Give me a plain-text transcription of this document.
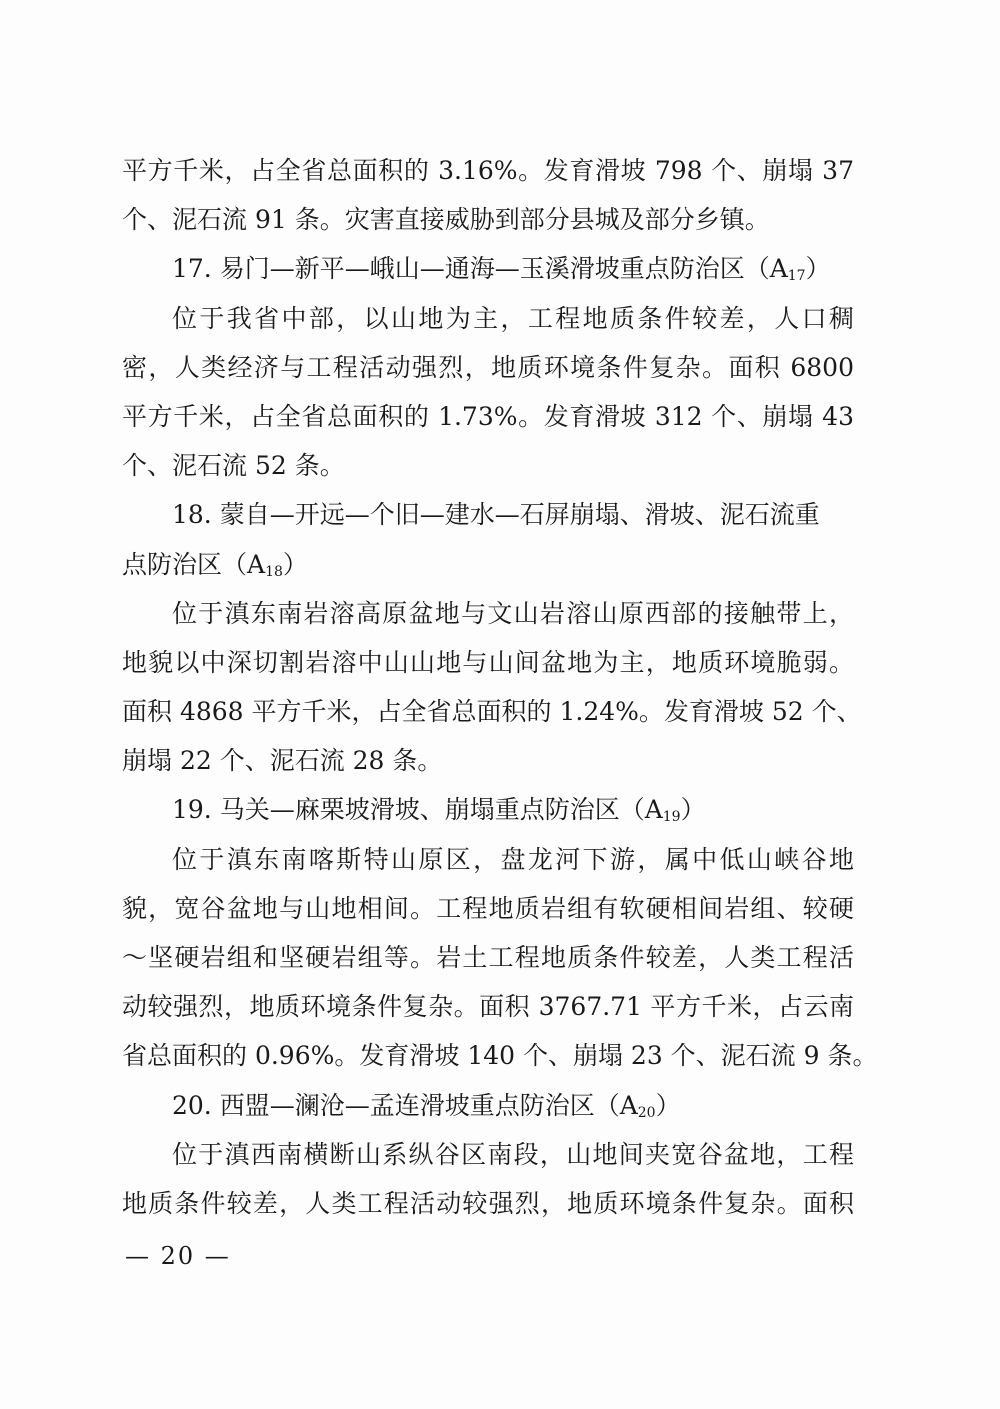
平方千米，占全省总面积的 3.16%。发育滑坡 798 个、崩塌 37
个、泥石流 91 条。灾害直接威胁到部分县城及部分乡镇。
17. 易门—新平—峨山—通海—玉溪滑坡重点防治区$(A_{17})$
位于我省中部，以山地为主，工程地质条件较差，人口稠
密，人类经济与工程活动强烈，地质环境条件复杂。面积 6800
平方千米，占全省总面积的 1.73%。发育滑坡 312 个、崩塌 43
个、泥石流 52 条。
18. 蒙自—开远—个旧—建水—石屏崩塌、滑坡、泥石流重
点防治区$(A_{18})$
位于滇东南岩溶高原盆地与文山岩溶山原西部的接触带上，
地貌以中深切割岩溶中山山地与山间盆地为主，地质环境脆弱。
面积 4868 平方千米，占全省总面积的 1.24%。发育滑坡 52 个、
崩塌 22 个、泥石流 28 条。
19. 马关—麻栗坡滑坡、崩塌重点防治区$(A_{19})$
位于滇东南喀斯特山原区，盘龙河下游，属中低山峡谷地
貌，宽谷盆地与山地相间。工程地质岩组有软硬相间岩组、较硬
～坚硬岩组和坚硬岩组等。岩土工程地质条件较差，人类工程活
动较强烈，地质环境条件复杂。面积 3767.71 平方千米，占云南
省总面积的 0.96%。发育滑坡 140 个、崩塌 23 个、泥石流 9 条。
20. 西盟—澜沧—孟连滑坡重点防治区$(A_{20})$
位于滇西南横断山系纵谷区南段，山地间夹宽谷盆地，工程
地质条件较差，人类工程活动较强烈，地质环境条件复杂。面积
— 20 —
